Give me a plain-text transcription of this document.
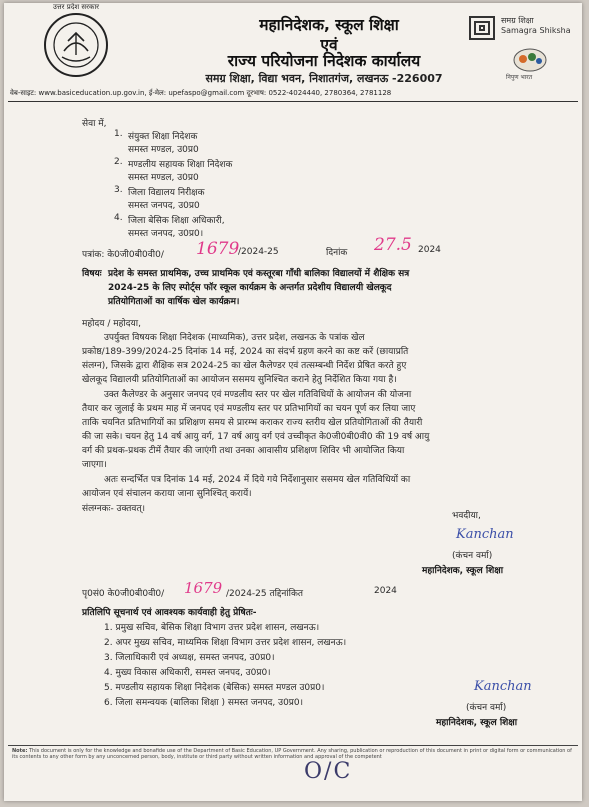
उत्तर प्रदेश सरकार
महानिदेशक, स्कूल शिक्षा
एवं
राज्य परियोजना निदेशक कार्यालय
समग्र शिक्षा, विद्या भवन, निशातगंज, लखनऊ -226007
समग्र शिक्षा
Samagra Shiksha
निपुण भारत
वेब-साइट: www.basiceducation.up.gov.in, ई-मेल: upefaspo@gmail.com दूरभाष: 0522-4024440, 2780364, 2781128
सेवा में,
1. संयुक्त शिक्षा निदेशक
समस्त मण्डल, उ0प्र0
2. मण्डलीय सहायक शिक्षा निदेशक
समस्त मण्डल, उ0प्र0
3. जिला विद्यालय निरीक्षक
समस्त जनपद, उ0प्र0
4. जिला बेसिक शिक्षा अधिकारी,
समस्त जनपद, उ0प्र0।
पत्रांक: के0जी0बी0वी0/ 1679
/2024-25	दिनांक 27.5 2024
विषयः प्रदेश के समस्त प्राथमिक, उच्च प्राथमिक एवं कस्तूरबा गाँधी बालिका विद्यालयों में शैक्षिक सत्र
2024-25 के लिए स्पोर्ट्स फॉर स्कूल कार्यक्रम के अन्तर्गत प्रदेशीय विद्यालयी खेलकूद
प्रतियोगिताओं का वार्षिक खेल कार्यक्रम।
महोदय / महोदया,
उपर्युक्त विषयक शिक्षा निदेशक (माध्यमिक), उत्तर प्रदेश, लखनऊ के पत्रांक खेल
प्रकोष्ठ/189-399/2024-25 दिनांक 14 मई, 2024 का संदर्भ ग्रहण करने का कष्ट करें (छायाप्रति
संलग्न), जिसके द्वारा शैक्षिक सत्र 2024-25 का खेल कैलेण्डर एवं तत्सम्बन्धी निर्देश प्रेषित करते हुए
खेलकूद विद्यालयी प्रतियोगिताओं का आयोजन ससमय सुनिश्चित कराने हेतु निर्देशित किया गया है।
उक्त कैलेण्डर के अनुसार जनपद एवं मण्डलीय स्तर पर खेल गतिविधियों के आयोजन की योजना
तैयार कर जुलाई के प्रथम माह में जनपद एवं मण्डलीय स्तर पर प्रतिभागियों का चयन पूर्ण कर लिया जाए
ताकि चयनित प्रतिभागियों का प्रशिक्षण समय से प्रारम्भ कराकर राज्य स्तरीय खेल प्रतियोगिताओं की तैयारी
की जा सके। चयन हेतु 14 वर्ष आयु वर्ग, 17 वर्ष आयु वर्ग एवं उच्चीकृत के0जी0बी0वी0 की 19 वर्ष आयु
वर्ग की प्रथक-प्रथक टीमें तैयार की जाएंगी तथा उनका आवासीय प्रशिक्षण शिविर भी आयोजित किया
जाएगा।
अतः सन्दर्भित पत्र दिनांक 14 मई, 2024 में दिये गये निर्देशानुसार ससमय खेल गतिविधियों का
आयोजन एवं संचालन कराया जाना सुनिश्चित् करायें।
संलग्नकः- उक्तवत्।
भवदीया,
Kanchan
(कंचन वर्मा)
महानिदेशक, स्कूल शिक्षा
पृ0सं0 के0जी0बी0वी0/ 1679 /2024-25 तद्दिनांकित	2024
प्रतिलिपि सूचनार्थ एवं आवश्यक कार्यवाही हेतु प्रेषितः-
1. प्रमुख सचिव, बेसिक शिक्षा विभाग उत्तर प्रदेश शासन, लखनऊ।
2. अपर मुख्य सचिव, माध्यमिक शिक्षा विभाग उत्तर प्रदेश शासन, लखनऊ।
3. जिलाधिकारी एवं अध्यक्ष, समस्त जनपद, उ0प्र0।
4. मुख्य विकास अधिकारी, समस्त जनपद, उ0प्र0।
5. मण्डलीय सहायक शिक्षा निदेशक (बेसिक) समस्त मण्डल उ0प्र0।
6. जिला समन्वयक (बालिका शिक्षा ) समस्त जनपद, उ0प्र0।
Kanchan
(कंचन वर्मा)
महानिदेशक, स्कूल शिक्षा
Note: This document is only for the knowledge and bonafide use of the Department of Basic Education, UP Government. Any sharing, publication or reproduction of this document in print or digital form or communication of its contents to any other form by any unconcerned person, body, institute or third party without written information and approval of the competent
O/C
